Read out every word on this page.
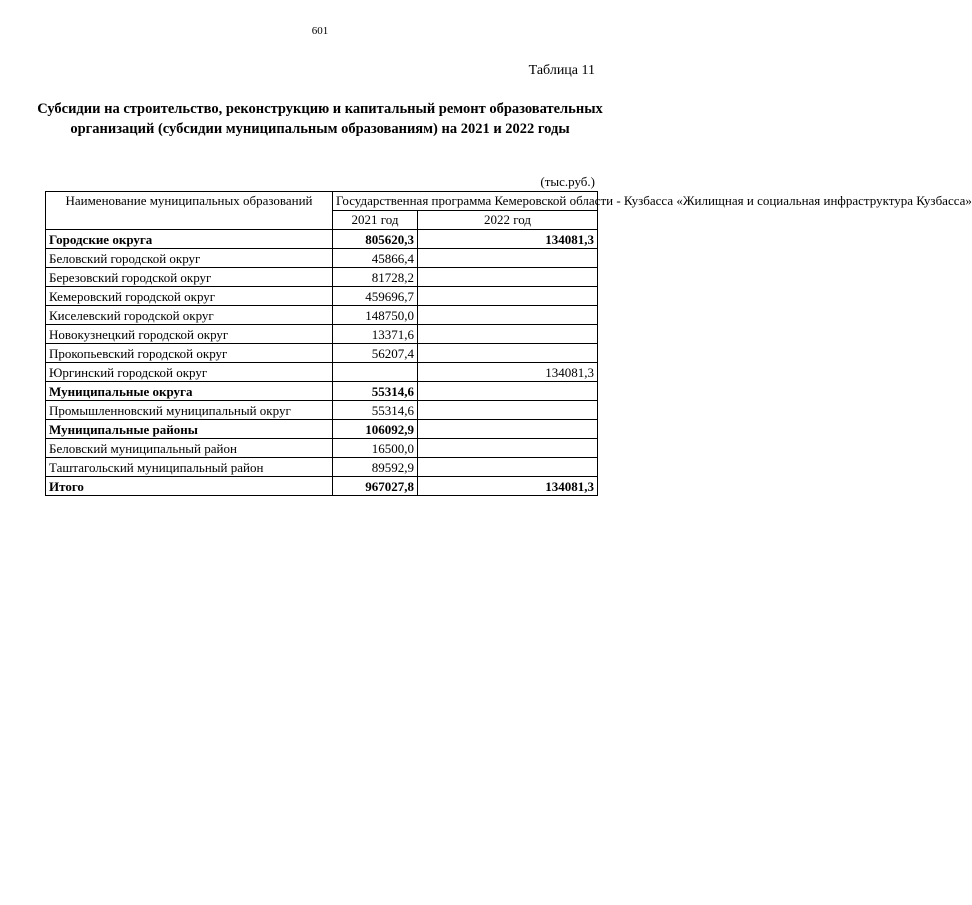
601
Таблица 11
Субсидии на строительство, реконструкцию и капитальный ремонт образовательных организаций (субсидии муниципальным образованиям) на 2021 и 2022 годы
(тыс.руб.)
Наименование муниципальных образований	Государственная программа Кемеровской области - Кузбасса «Жилищная и социальная инфраструктура Кузбасса»	
	2021 год	2022 год
Городские округа	805620,3	134081,3
Беловский городской округ	45866,4	
Березовский городской округ	81728,2	
Кемеровский городской округ	459696,7	
Киселевский городской округ	148750,0	
Новокузнецкий городской округ	13371,6	
Прокопьевский городской округ	56207,4	
Юргинский городской округ		134081,3
Муниципальные округа	55314,6	
Промышленновский муниципальный округ	55314,6	
Муниципальные районы	106092,9	
Беловский муниципальный район	16500,0	
Таштагольский муниципальный район	89592,9	
Итого	967027,8	134081,3
